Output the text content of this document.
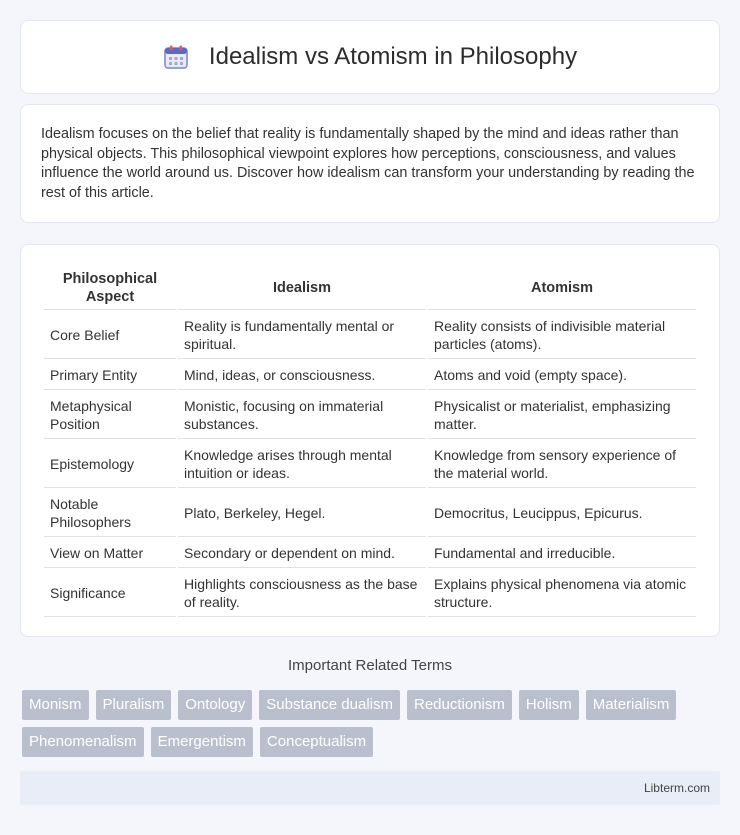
Idealism vs Atomism in Philosophy

Idealism focuses on the belief that reality is fundamentally shaped by the mind and ideas rather than physical objects. This philosophical viewpoint explores how perceptions, consciousness, and values influence the world around us. Discover how idealism can transform your understanding by reading the rest of this article.

Philosophical Aspect	Idealism	Atomism
Core Belief	Reality is fundamentally mental or spiritual.	Reality consists of indivisible material particles (atoms).
Primary Entity	Mind, ideas, or consciousness.	Atoms and void (empty space).
Metaphysical Position	Monistic, focusing on immaterial substances.	Physicalist or materialist, emphasizing matter.
Epistemology	Knowledge arises through mental intuition or ideas.	Knowledge from sensory experience of the material world.
Notable Philosophers	Plato, Berkeley, Hegel.	Democritus, Leucippus, Epicurus.
View on Matter	Secondary or dependent on mind.	Fundamental and irreducible.
Significance	Highlights consciousness as the base of reality.	Explains physical phenomena via atomic structure.
Important Related Terms
Monism	Pluralism	Ontology	Substance dualism	Reductionism	Holism	Materialism
Phenomenalism	Emergentism	Conceptualism
Libterm.com
